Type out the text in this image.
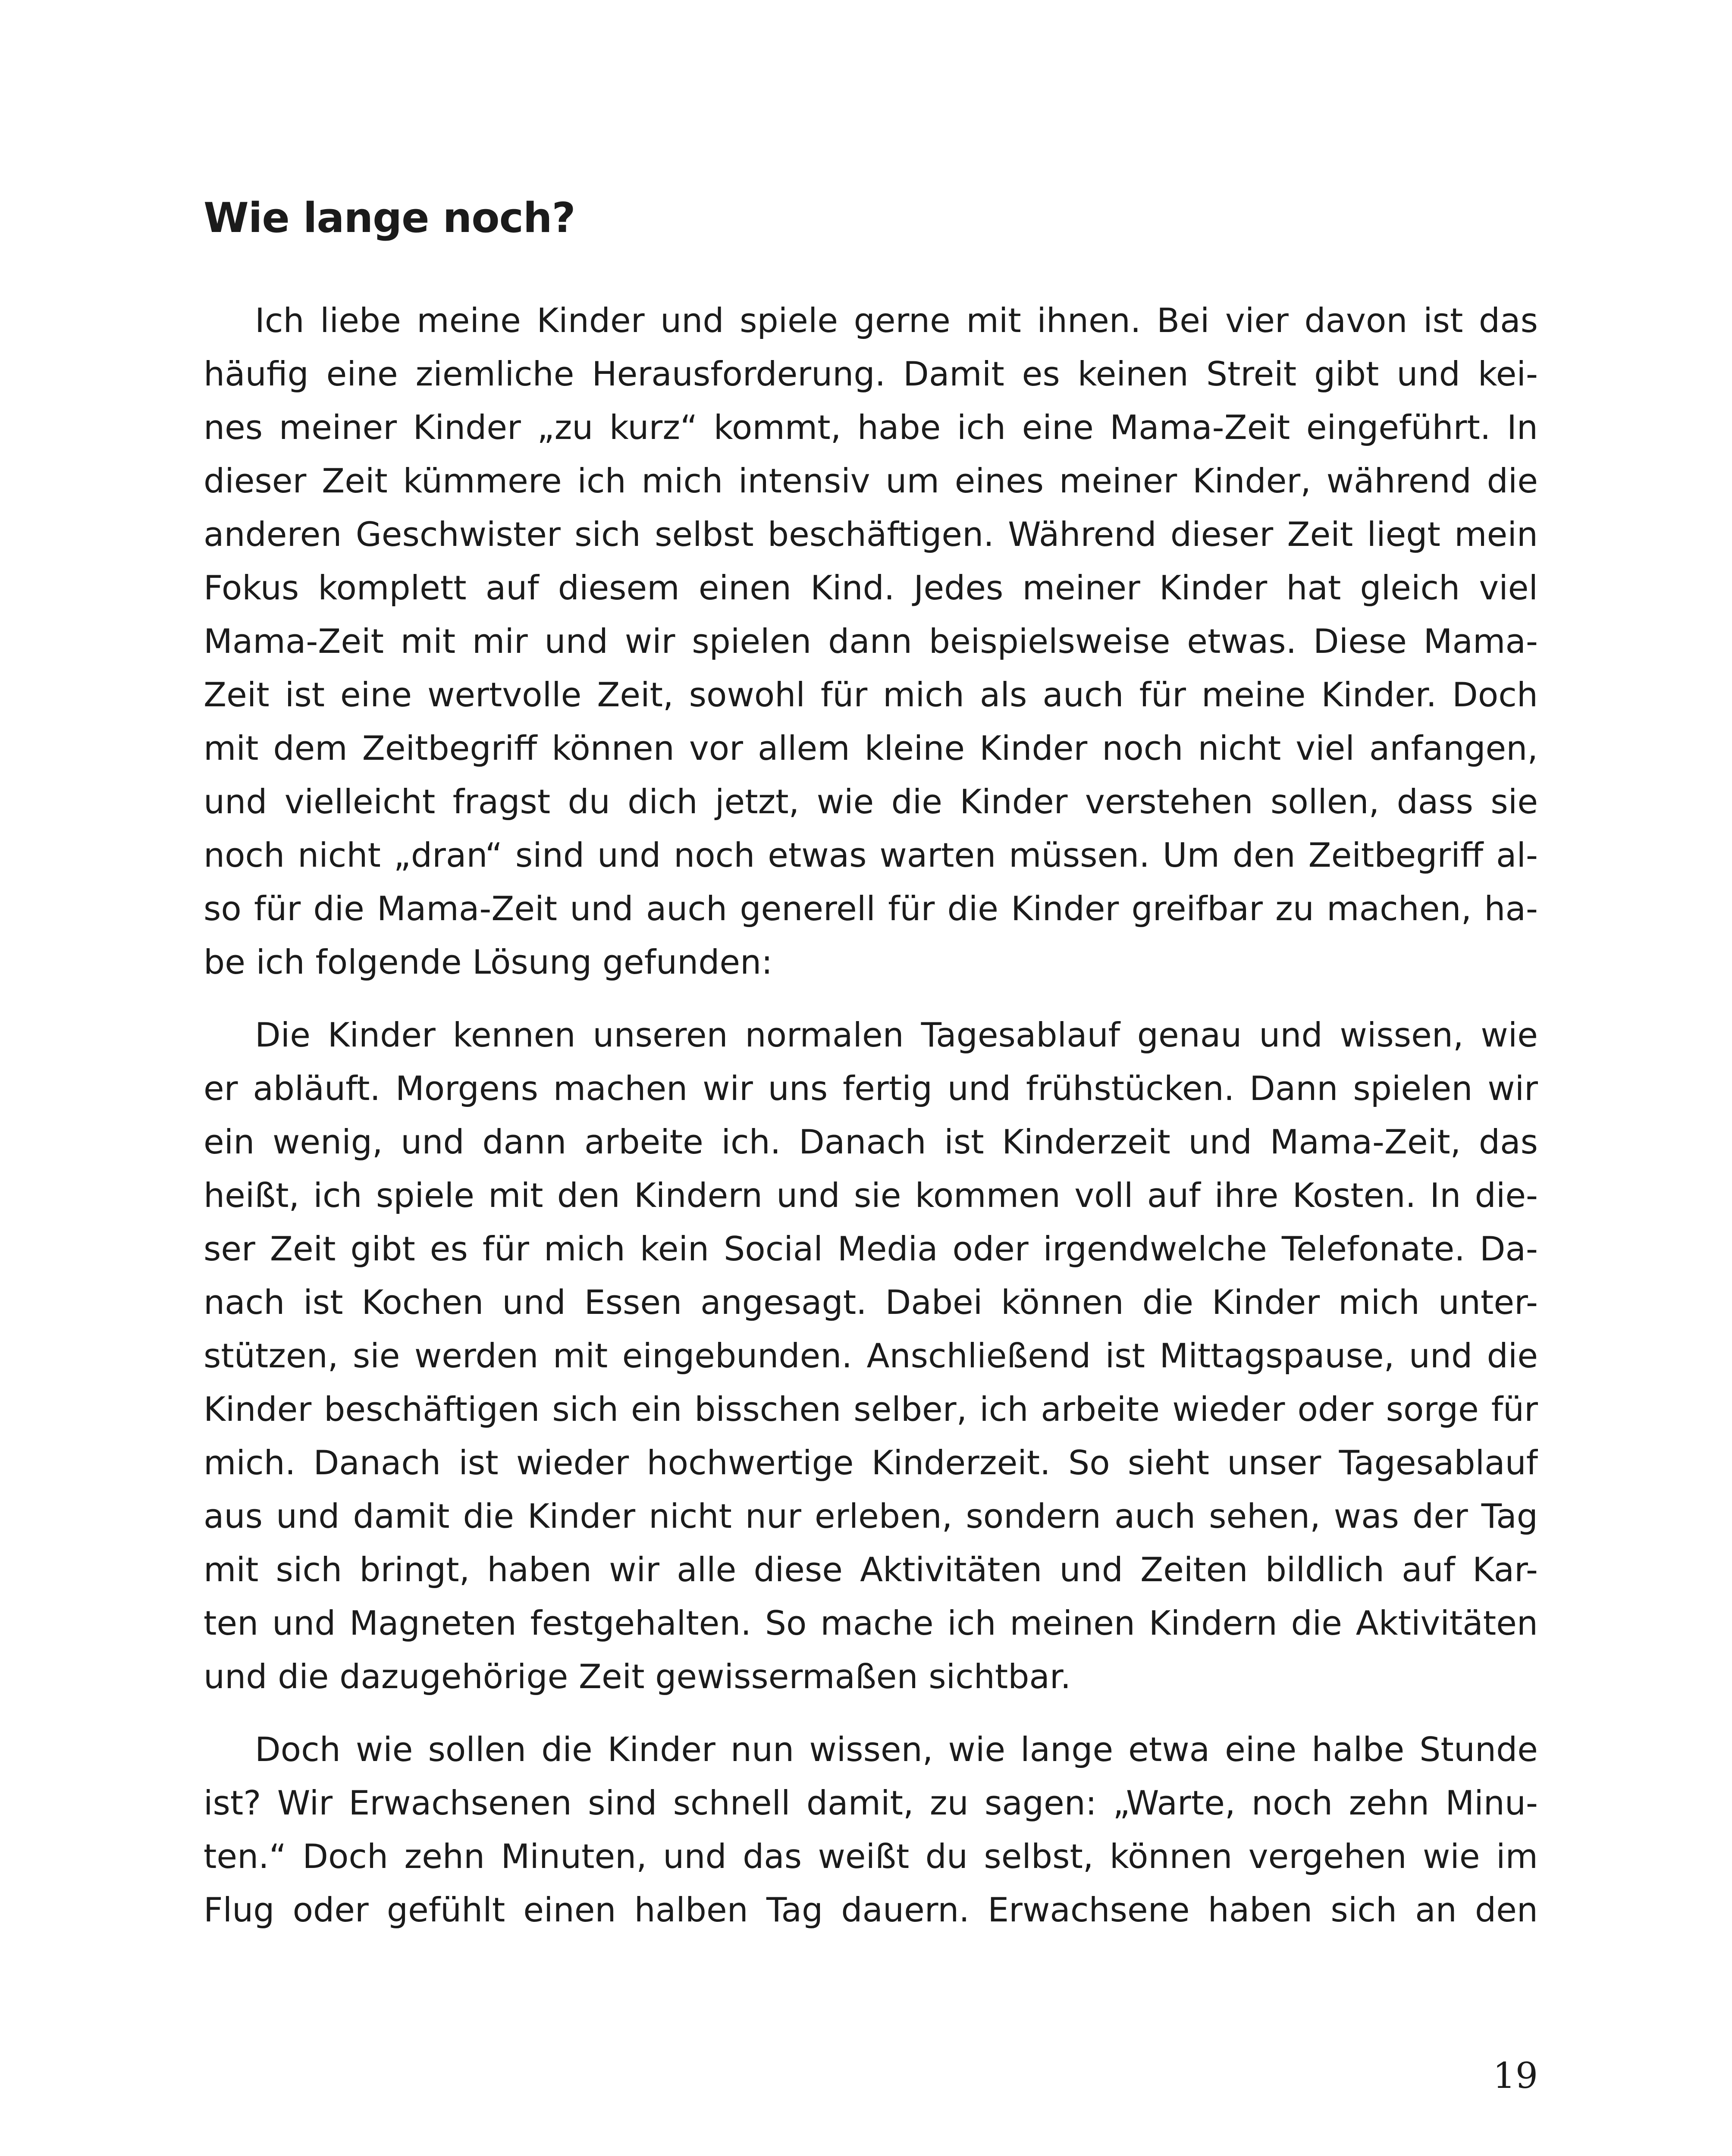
Wie lange noch?
Ich liebe meine Kinder und spiele gerne mit ihnen. Bei vier davon ist das
häufig eine ziemliche Herausforderung. Damit es keinen Streit gibt und kei-
nes meiner Kinder „zu kurz“ kommt, habe ich eine Mama-Zeit eingeführt. In
dieser Zeit kümmere ich mich intensiv um eines meiner Kinder, während die
anderen Geschwister sich selbst beschäftigen. Während dieser Zeit liegt mein
Fokus komplett auf diesem einen Kind. Jedes meiner Kinder hat gleich viel
Mama-Zeit mit mir und wir spielen dann beispielsweise etwas. Diese Mama-
Zeit ist eine wertvolle Zeit, sowohl für mich als auch für meine Kinder. Doch
mit dem Zeitbegriff können vor allem kleine Kinder noch nicht viel anfangen,
und vielleicht fragst du dich jetzt, wie die Kinder verstehen sollen, dass sie
noch nicht „dran“ sind und noch etwas warten müssen. Um den Zeitbegriff al-
so für die Mama-Zeit und auch generell für die Kinder greifbar zu machen, ha-
be ich folgende Lösung gefunden:
Die Kinder kennen unseren normalen Tagesablauf genau und wissen, wie
er abläuft. Morgens machen wir uns fertig und frühstücken. Dann spielen wir
ein wenig, und dann arbeite ich. Danach ist Kinderzeit und Mama-Zeit, das
heißt, ich spiele mit den Kindern und sie kommen voll auf ihre Kosten. In die-
ser Zeit gibt es für mich kein Social Media oder irgendwelche Telefonate. Da-
nach ist Kochen und Essen angesagt. Dabei können die Kinder mich unter-
stützen, sie werden mit eingebunden. Anschließend ist Mittagspause, und die
Kinder beschäftigen sich ein bisschen selber, ich arbeite wieder oder sorge für
mich. Danach ist wieder hochwertige Kinderzeit. So sieht unser Tagesablauf
aus und damit die Kinder nicht nur erleben, sondern auch sehen, was der Tag
mit sich bringt, haben wir alle diese Aktivitäten und Zeiten bildlich auf Kar-
ten und Magneten festgehalten. So mache ich meinen Kindern die Aktivitäten
und die dazugehörige Zeit gewissermaßen sichtbar.
Doch wie sollen die Kinder nun wissen, wie lange etwa eine halbe Stunde
ist? Wir Erwachsenen sind schnell damit, zu sagen: „Warte, noch zehn Minu-
ten.“ Doch zehn Minuten, und das weißt du selbst, können vergehen wie im
Flug oder gefühlt einen halben Tag dauern. Erwachsene haben sich an den
19
